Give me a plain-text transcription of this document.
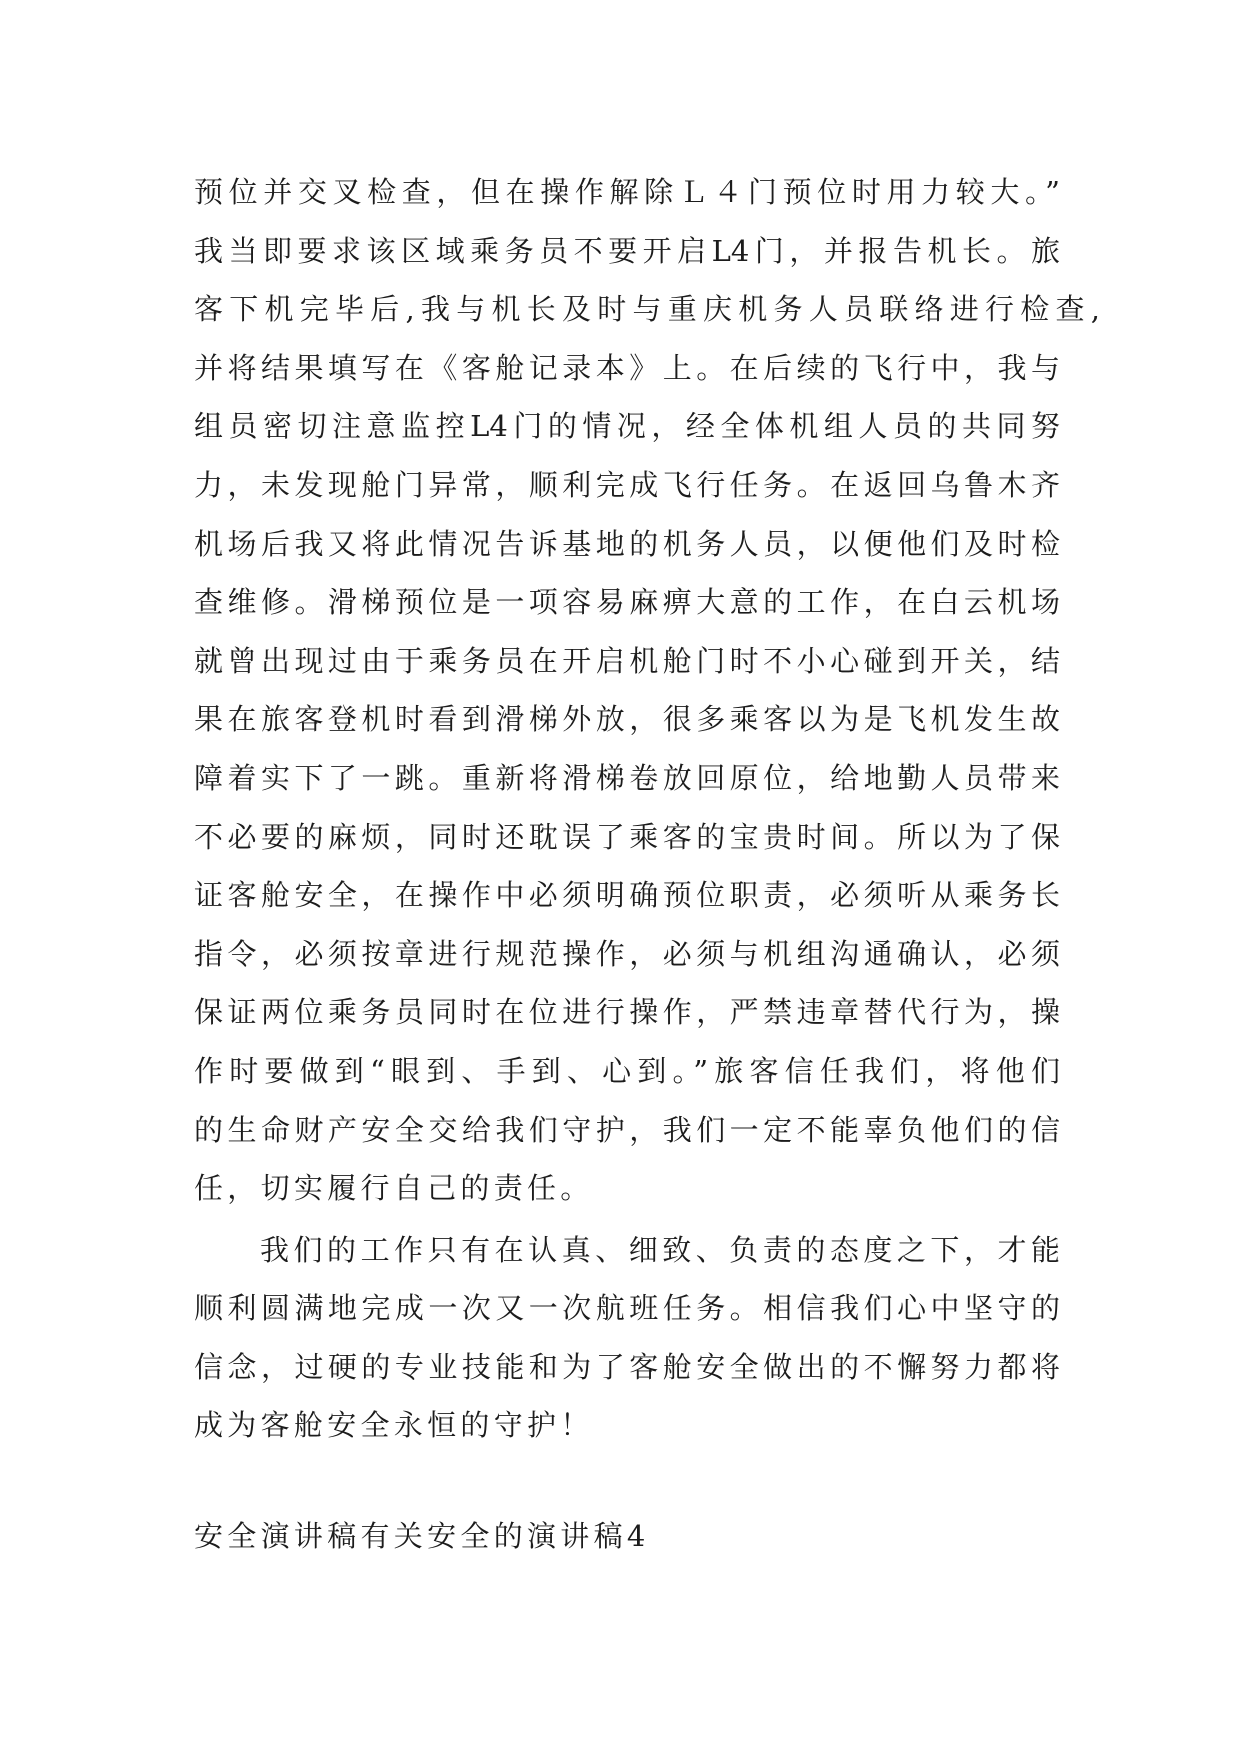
预位并交叉检查，但在操作解除Ｌ４门预位时用力较大。”
我当即要求该区域乘务员不要开启L4门，并报告机长。旅
客下机完毕后,我与机长及时与重庆机务人员联络进行检查,
并将结果填写在《客舱记录本》上。在后续的飞行中，我与
组员密切注意监控L4门的情况，经全体机组人员的共同努
力，未发现舱门异常，顺利完成飞行任务。在返回乌鲁木齐
机场后我又将此情况告诉基地的机务人员，以便他们及时检
查维修。滑梯预位是一项容易麻痹大意的工作，在白云机场
就曾出现过由于乘务员在开启机舱门时不小心碰到开关，结
果在旅客登机时看到滑梯外放，很多乘客以为是飞机发生故
障着实下了一跳。重新将滑梯卷放回原位，给地勤人员带来
不必要的麻烦，同时还耽误了乘客的宝贵时间。所以为了保
证客舱安全，在操作中必须明确预位职责，必须听从乘务长
指令，必须按章进行规范操作，必须与机组沟通确认，必须
保证两位乘务员同时在位进行操作，严禁违章替代行为，操
作时要做到“眼到、手到、心到。”旅客信任我们，将他们
的生命财产安全交给我们守护，我们一定不能辜负他们的信
任，切实履行自己的责任。
我们的工作只有在认真、细致、负责的态度之下，才能
顺利圆满地完成一次又一次航班任务。相信我们心中坚守的
信念，过硬的专业技能和为了客舱安全做出的不懈努力都将
成为客舱安全永恒的守护！
安全演讲稿有关安全的演讲稿4
